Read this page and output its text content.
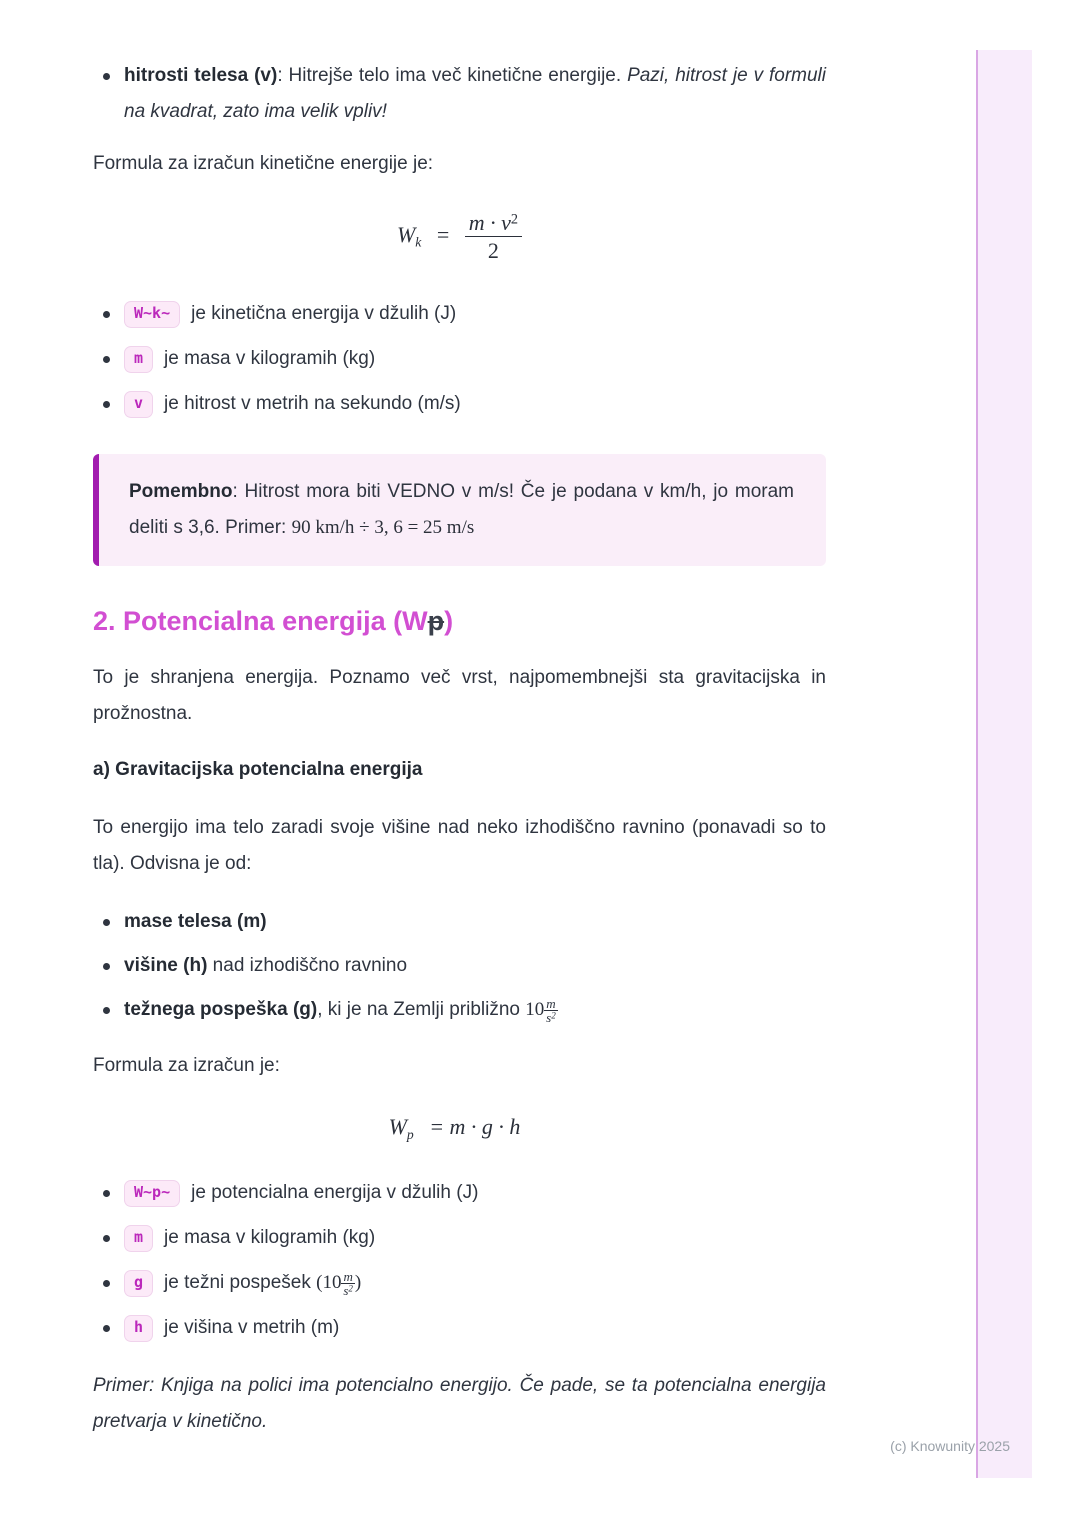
hitrosti telesa (v): Hitrejše telo ima več kinetične energije. Pazi, hitrost je v formuli na kvadrat, zato ima velik vpliv!

Formula za izračun kinetične energije je:

$W_k = \frac{m \cdot v^2}{2}$
W~k~ je kinetična energija v džulih (J)
m je masa v kilogramih (kg)
v je hitrost v metrih na sekundo (m/s)
Pomembno: Hitrost mora biti VEDNO v m/s! Če je podana v km/h, jo moram deliti s 3,6. Primer: 90 km/h ÷ 3, 6 = 25 m/s
2. Potencialna energija (Wp)

To je shranjena energija. Poznamo več vrst, najpomembnejši sta gravitacijska in prožnostna.

a) Gravitacijska potencialna energija

To energijo ima telo zaradi svoje višine nad neko izhodiščno ravnino (ponavadi so to tla). Odvisna je od:

mase telesa (m)
višine (h) nad izhodiščno ravnino
težnega pospeška (g), ki je na Zemlji približno $10 \frac{m}{s^2}$

Formula za izračun je:

$W_p = m \cdot g \cdot h$
W~p~ je potencialna energija v džulih (J)
m je masa v kilogramih (kg)
g je težni pospešek ($10 \frac{m}{s^2}$ )
h je višina v metrih (m)

Primer: Knjiga na polici ima potencialno energijo. Če pade, se ta potencialna energija pretvarja v kinetično.

(c) Knowunity 2025
